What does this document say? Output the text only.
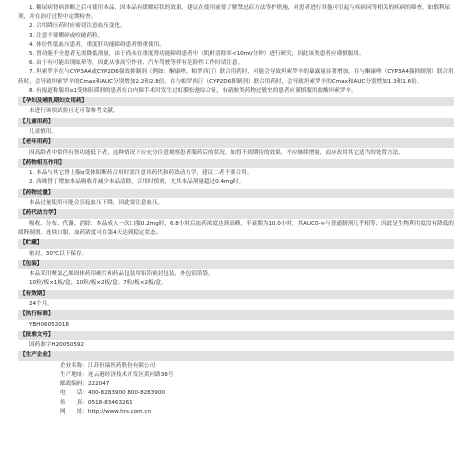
1. 糖尿病肾病诊断之后可使用本品，因本品有缓解症状的效果，建议在使用前要了解禁忌症方法等护措施，对患者进行其他可引起与疾病同等相关的疾病的筛查，如假利尿剂，并在治疗过程中定期检查。

2. 合用降压药时应密切注意血压变化。

3. 注意不要嚼碎或咬破药粒。

4. 体位性低血压患者，重度肝功能障碍患者慎重使用。

5. 肾功能不全患者无需降低剂量，由于尚未在重度肾功能障碍患者中（肌酐清除率<10ml/分钟）进行研究，因此该类患者应谨慎服用。

6. 由于有可能出现眩晕等，因此从事高空作业、汽车驾驶等伴有危险性工作时请注意。

7. 坦索罗辛在与CYP3A4或CYP2D6强效抑制剂（例如：酮康唑、帕罗西汀）联合用药时，可能会导致坦索罗辛的暴露量显著增加。在与酮康唑（CYP3A4强抑制剂）联合用药时，会导致坦索罗辛的Cmax和AUC分别增加2.2和2.8倍。在与帕罗西汀（CYP2D6抑制剂）联合用药时，会导致坦索罗辛的Cmax和AUC分别增加1.3和1.6倍。

8. 有报道称服用α1受体阻滞剂的患者在白内障手术时发生过虹膜松弛综合征，有硝胺类药物过敏史的患者应谨慎服用盐酸坦索罗辛。

【孕妇及哺乳期妇女用药】

未进行该项试验且无可靠参考文献。

【儿童用药】

儿童慎用。

【老年用药】

因高龄者中常伴有肾功能低下者，这种情况下应充分注意观察患者服药后的状况。如得不到期待的效果，不应继续增量，而应改用其它适当的处置方法。

【药物相互作用】

1. 本品与其它肾上腺α受体阻断药合用时需注意其药代和药效动力学，建议二者不要合用。

2. 西咪替丁增加本品吸收并减少本品清除，合用时慎重，尤其本品剂量超过0.4mg时。

【药物过量】

本品过量使用可能会引起血压下降，因此要注意血压。

【药代动力学】

吸收、分布、代谢、消除：本品成人一次口服0.2mg时，6.8小时后血药浓度达到高峰，半衰期为10.0小时，其AUC0-∞与普通制剂几乎相等，因此是生物利用度没有降低的缓释制剂。连续口服，血药浓度可在第4天达到稳定状态。

【贮藏】

密封，30℃以下保存。

【包装】

本品采用聚氯乙烯固体药用硬片和药品包装用铝箔密封包装，外包铝箔袋。

10粒/板×1板/盒；10粒/板×2板/盒；7粒/板×2板/盒。

【有效期】

24个月。

【执行标准】

YBH06052018

【批准文号】

国药准字H20050592

【生产企业】
企业名称： 江苏恒瑞医药股份有限公司
生产地址： 连云港经济技术开发区黄河路38号
邮政编码： 222047
电　　话： 400-8283900 800-8283900
传　　真： 0518-83463261
网　　址： http://www.hrs.com.cn
